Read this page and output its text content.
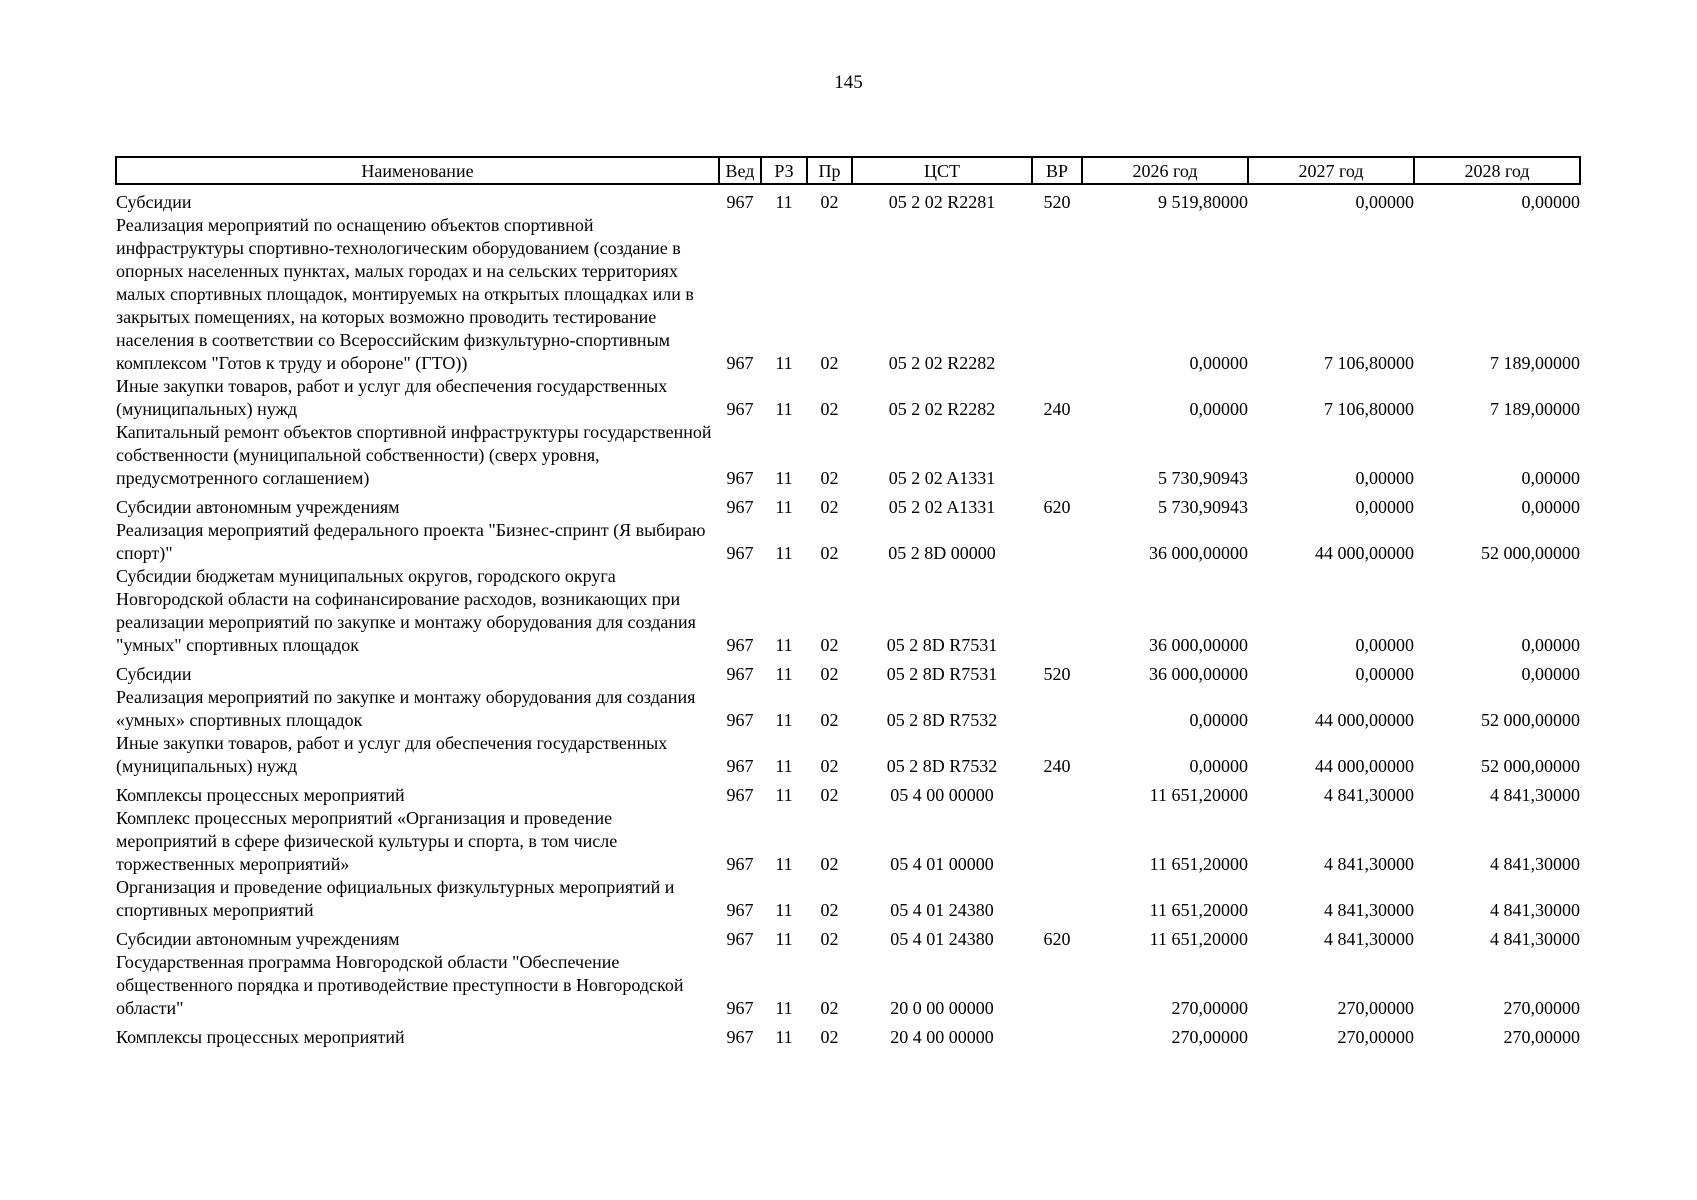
145
Наименование	Вед	РЗ	Пр	ЦСТ	ВР	2026 год	2027 год	2028 год
Субсидии	967	11	02	05 2 02 R2281	520	9 519,80000	0,00000	0,00000
Реализация мероприятий по оснащению объектов спортивной инфраструктуры спортивно-технологическим оборудованием (создание в опорных населенных пунктах, малых городах и на сельских территориях малых спортивных площадок, монтируемых на открытых площадках или в закрытых помещениях, на которых возможно проводить тестирование населения в соответствии со Всероссийским физкультурно-спортивным комплексом "Готов к труду и обороне" (ГТО))	967	11	02	05 2 02 R2282		0,00000	7 106,80000	7 189,00000
Иные закупки товаров, работ и услуг для обеспечения государственных (муниципальных) нужд	967	11	02	05 2 02 R2282	240	0,00000	7 106,80000	7 189,00000
Капитальный ремонт объектов спортивной инфраструктуры государственной собственности (муниципальной собственности) (сверх уровня, предусмотренного соглашением)	967	11	02	05 2 02 A1331		5 730,90943	0,00000	0,00000
Субсидии автономным учреждениям	967	11	02	05 2 02 A1331	620	5 730,90943	0,00000	0,00000
Реализация мероприятий федерального проекта "Бизнес-спринт (Я выбираю спорт)"	967	11	02	05 2 8D 00000		36 000,00000	44 000,00000	52 000,00000
Субсидии бюджетам муниципальных округов, городского округа Новгородской области на софинансирование расходов, возникающих при реализации мероприятий по закупке и монтажу оборудования для создания "умных" спортивных площадок	967	11	02	05 2 8D R7531		36 000,00000	0,00000	0,00000
Субсидии	967	11	02	05 2 8D R7531	520	36 000,00000	0,00000	0,00000
Реализация мероприятий по закупке и монтажу оборудования для создания «умных» спортивных площадок	967	11	02	05 2 8D R7532		0,00000	44 000,00000	52 000,00000
Иные закупки товаров, работ и услуг для обеспечения государственных (муниципальных) нужд	967	11	02	05 2 8D R7532	240	0,00000	44 000,00000	52 000,00000
Комплексы процессных мероприятий	967	11	02	05 4 00 00000		11 651,20000	4 841,30000	4 841,30000
Комплекс процессных мероприятий «Организация и проведение мероприятий в сфере физической культуры и спорта, в том числе торжественных мероприятий»	967	11	02	05 4 01 00000		11 651,20000	4 841,30000	4 841,30000
Организация и проведение официальных физкультурных мероприятий и спортивных мероприятий	967	11	02	05 4 01 24380		11 651,20000	4 841,30000	4 841,30000
Субсидии автономным учреждениям	967	11	02	05 4 01 24380	620	11 651,20000	4 841,30000	4 841,30000
Государственная программа Новгородской области "Обеспечение общественного порядка и противодействие преступности в Новгородской области"	967	11	02	20 0 00 00000		270,00000	270,00000	270,00000
Комплексы процессных мероприятий	967	11	02	20 4 00 00000		270,00000	270,00000	270,00000
